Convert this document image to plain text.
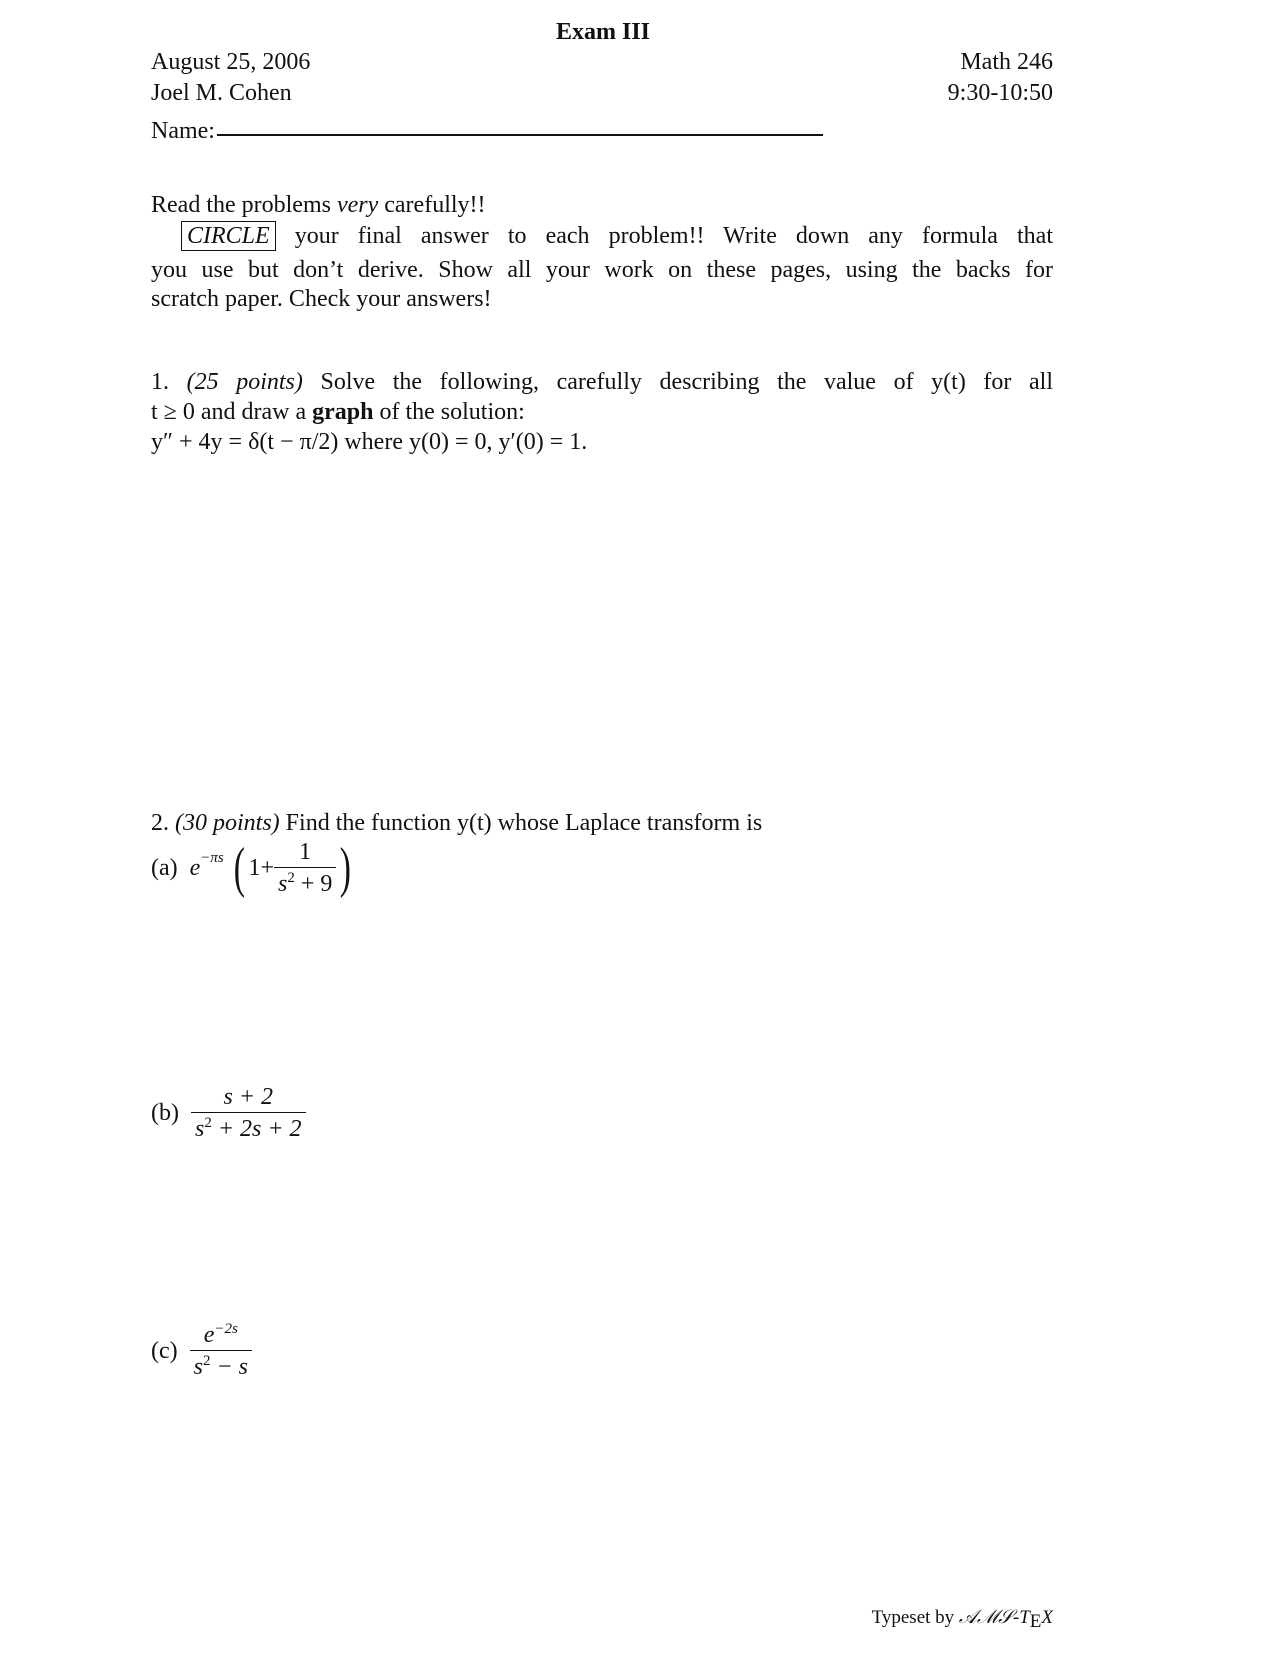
Exam III
August 25, 2006
Joel M. Cohen
Math 246
9:30-10:50
Name:
Read the problems very carefully!!
CIRCLE your final answer to each problem!! Write down any formula that
you use but don’t derive. Show all your work on these pages, using the backs for
scratch paper. Check your answers!
1. (25 points) Solve the following, carefully describing the value of y(t) for all
t ≥ 0 and draw a graph of the solution:
y″ + 4y = δ(t − π/2) where y(0) = 0, y′(0) = 1.
2. (30 points) Find the function y(t) whose Laplace transform is
(a)
$e^{-\pi s}$
( $1+ \frac{1}{s^2 + 9}$ )
(b)
$\frac{s + 2}{s^2 + 2s + 2}$
(c)
$\frac{e^{-2s}}{s^2 - s}$
Typeset by 𝒜ℳ𝒮-TEX
